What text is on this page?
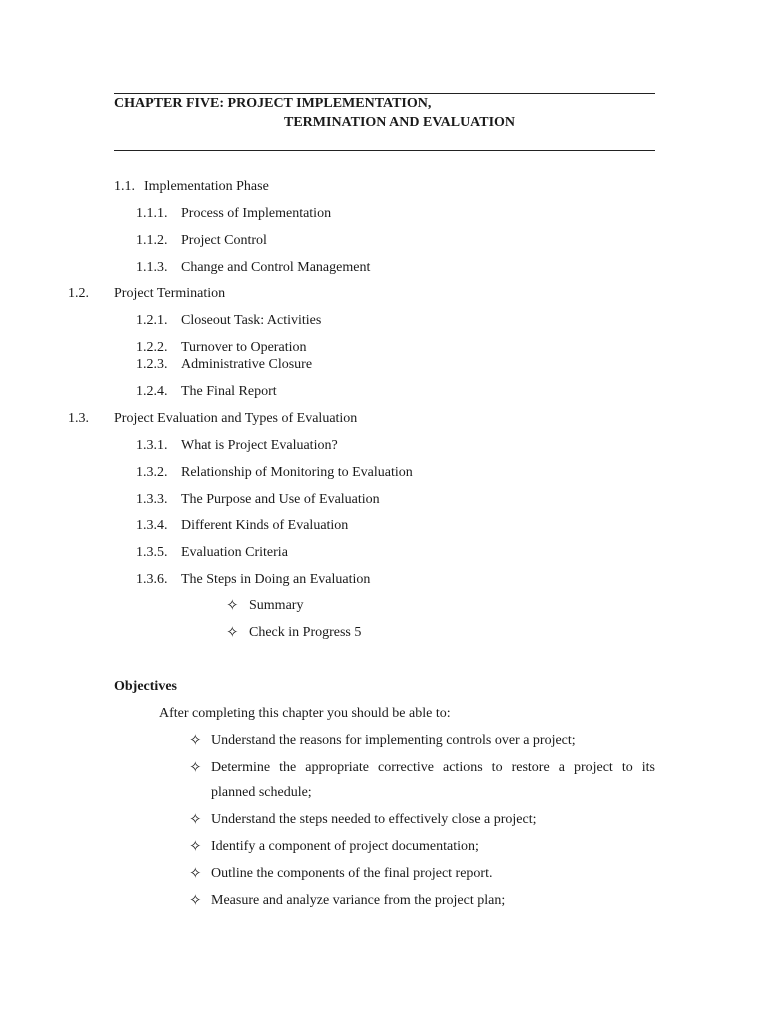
CHAPTER FIVE: PROJECT IMPLEMENTATION,
TERMINATION AND EVALUATION
1.1. Implementation Phase
1.1.1. Process of Implementation
1.1.2. Project Control
1.1.3. Change and Control Management
1.2. Project Termination
1.2.1. Closeout Task: Activities
1.2.2. Turnover to Operation
1.2.3. Administrative Closure
1.2.4. The Final Report
1.3. Project Evaluation and Types of Evaluation
1.3.1. What is Project Evaluation?
1.3.2. Relationship of Monitoring to Evaluation
1.3.3. The Purpose and Use of Evaluation
1.3.4. Different Kinds of Evaluation
1.3.5. Evaluation Criteria
1.3.6. The Steps in Doing an Evaluation
✧ Summary
✧ Check in Progress 5
Objectives
After completing this chapter you should be able to:
✧ Understand the reasons for implementing controls over a project;
✧ Determine the appropriate corrective actions to restore a project to its
planned schedule;
✧ Understand the steps needed to effectively close a project;
✧ Identify a component of project documentation;
✧ Outline the components of the final project report.
✧ Measure and analyze variance from the project plan;
